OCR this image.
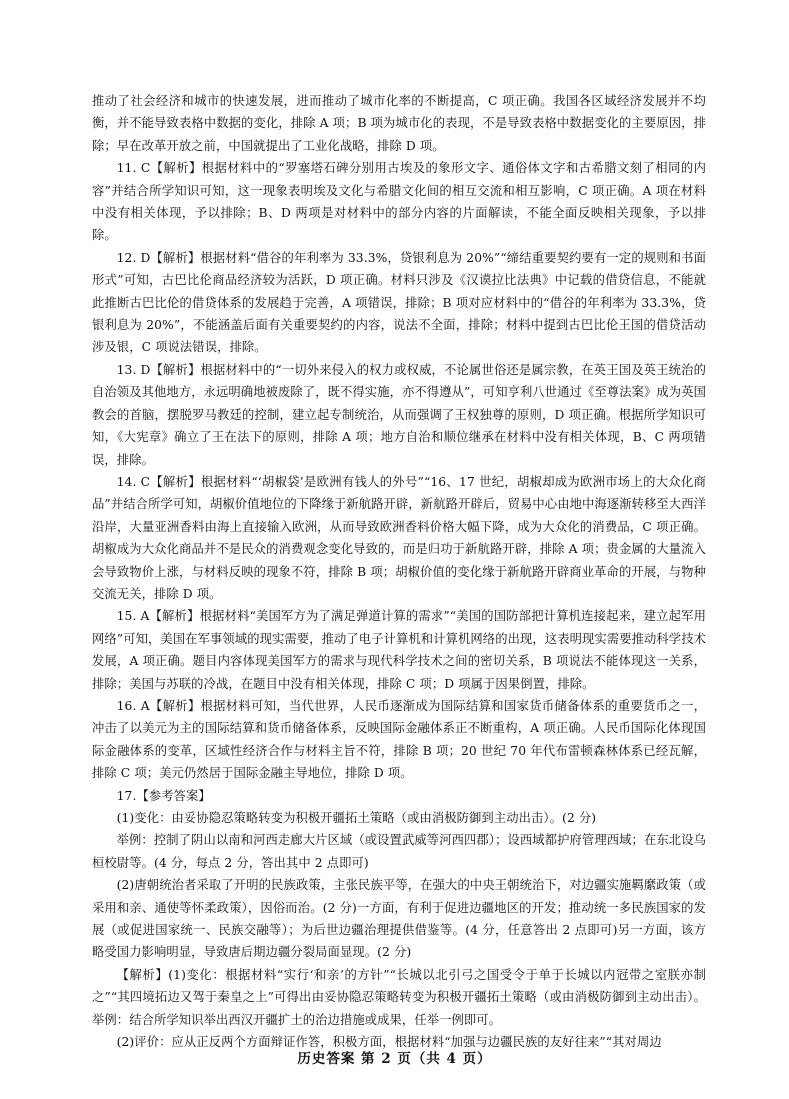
推动了社会经济和城市的快速发展，进而推动了城市化率的不断提高，C 项正确。我国各区域经济发展并不均衡，并不能导致表格中数据的变化，排除 A 项；B 项为城市化的表现，不是导致表格中数据变化的主要原因，排除；早在改革开放之前，中国就提出了工业化战略，排除 D 项。

11. C【解析】根据材料中的“罗塞塔石碑分别用古埃及的象形文字、通俗体文字和古希腊文刻了相同的内容”并结合所学知识可知，这一现象表明埃及文化与希腊文化间的相互交流和相互影响，C 项正确。A 项在材料中没有相关体现，予以排除；B、D 两项是对材料中的部分内容的片面解读，不能全面反映相关现象，予以排除。

12. D【解析】根据材料“借谷的年利率为 33.3%，贷银利息为 20%”“缔结重要契约要有一定的规则和书面形式”可知，古巴比伦商品经济较为活跃，D 项正确。材料只涉及《汉谟拉比法典》中记载的借贷信息，不能就此推断古巴比伦的借贷体系的发展趋于完善，A 项错误，排除；B 项对应材料中的“借谷的年利率为 33.3%，贷银利息为 20%”，不能涵盖后面有关重要契约的内容，说法不全面，排除；材料中提到古巴比伦王国的借贷活动涉及银，C 项说法错误，排除。

13. D【解析】根据材料中的“一切外来侵入的权力或权威，不论属世俗还是属宗教，在英王国及英王统治的自治领及其他地方，永远明确地被废除了，既不得实施，亦不得遵从”，可知亨利八世通过《至尊法案》成为英国教会的首脑，摆脱罗马教廷的控制，建立起专制统治，从而强调了王权独尊的原则，D 项正确。根据所学知识可知，《大宪章》确立了王在法下的原则，排除 A 项；地方自治和顺位继承在材料中没有相关体现，B、C 两项错误，排除。

14. C【解析】根据材料“‘胡椒袋’是欧洲有钱人的外号”“16、17 世纪，胡椒却成为欧洲市场上的大众化商品”并结合所学可知，胡椒价值地位的下降缘于新航路开辟，新航路开辟后，贸易中心由地中海逐渐转移至大西洋沿岸，大量亚洲香料由海上直接输入欧洲，从而导致欧洲香料价格大幅下降，成为大众化的消费品，C 项正确。胡椒成为大众化商品并不是民众的消费观念变化导致的，而是归功于新航路开辟，排除 A 项；贵金属的大量流入会导致物价上涨，与材料反映的现象不符，排除 B 项；胡椒价值的变化缘于新航路开辟商业革命的开展，与物种交流无关，排除 D 项。

15. A【解析】根据材料“美国军方为了满足弹道计算的需求”“美国的国防部把计算机连接起来，建立起军用网络”可知，美国在军事领域的现实需要，推动了电子计算机和计算机网络的出现，这表明现实需要推动科学技术发展，A 项正确。题目内容体现美国军方的需求与现代科学技术之间的密切关系，B 项说法不能体现这一关系，排除；美国与苏联的冷战，在题目中没有相关体现，排除 C 项；D 项属于因果倒置，排除。

16. A【解析】根据材料可知，当代世界，人民币逐渐成为国际结算和国家货币储备体系的重要货币之一，冲击了以美元为主的国际结算和货币储备体系，反映国际金融体系正不断重构，A 项正确。人民币国际化体现国际金融体系的变革，区域性经济合作与材料主旨不符，排除 B 项；20 世纪 70 年代布雷顿森林体系已经瓦解，排除 C 项；美元仍然居于国际金融主导地位，排除 D 项。

17.【参考答案】

(1)变化：由妥协隐忍策略转变为积极开疆拓土策略（或由消极防御到主动出击）。(2 分)

举例：控制了阴山以南和河西走廊大片区域（或设置武威等河西四郡）；设西域都护府管理西域；在东北设乌桓校尉等。(4 分，每点 2 分，答出其中 2 点即可)

(2)唐朝统治者采取了开明的民族政策，主张民族平等，在强大的中央王朝统治下，对边疆实施羁縻政策（或采用和亲、通使等怀柔政策），因俗而治。(2 分)一方面，有利于促进边疆地区的开发；推动统一多民族国家的发展（或促进国家统一、民族交融等）；为后世边疆治理提供借鉴等。(4 分，任意答出 2 点即可)另一方面，该方略受国力影响明显，导致唐后期边疆分裂局面显现。(2 分)

【解析】(1)变化：根据材料“实行‘和亲’的方针”“长城以北引弓之国受令于单于长城以内冠带之室朕亦制之”“其四境拓边又驾于秦皇之上”可得出由妥协隐忍策略转变为积极开疆拓土策略（或由消极防御到主动出击）。举例：结合所学知识举出西汉开疆扩土的治边措施或成果，任举一例即可。

(2)评价：应从正反两个方面辩证作答，积极方面，根据材料“加强与边疆民族的友好往来”“其对周边

历史答案 第 2 页（共 4 页）
